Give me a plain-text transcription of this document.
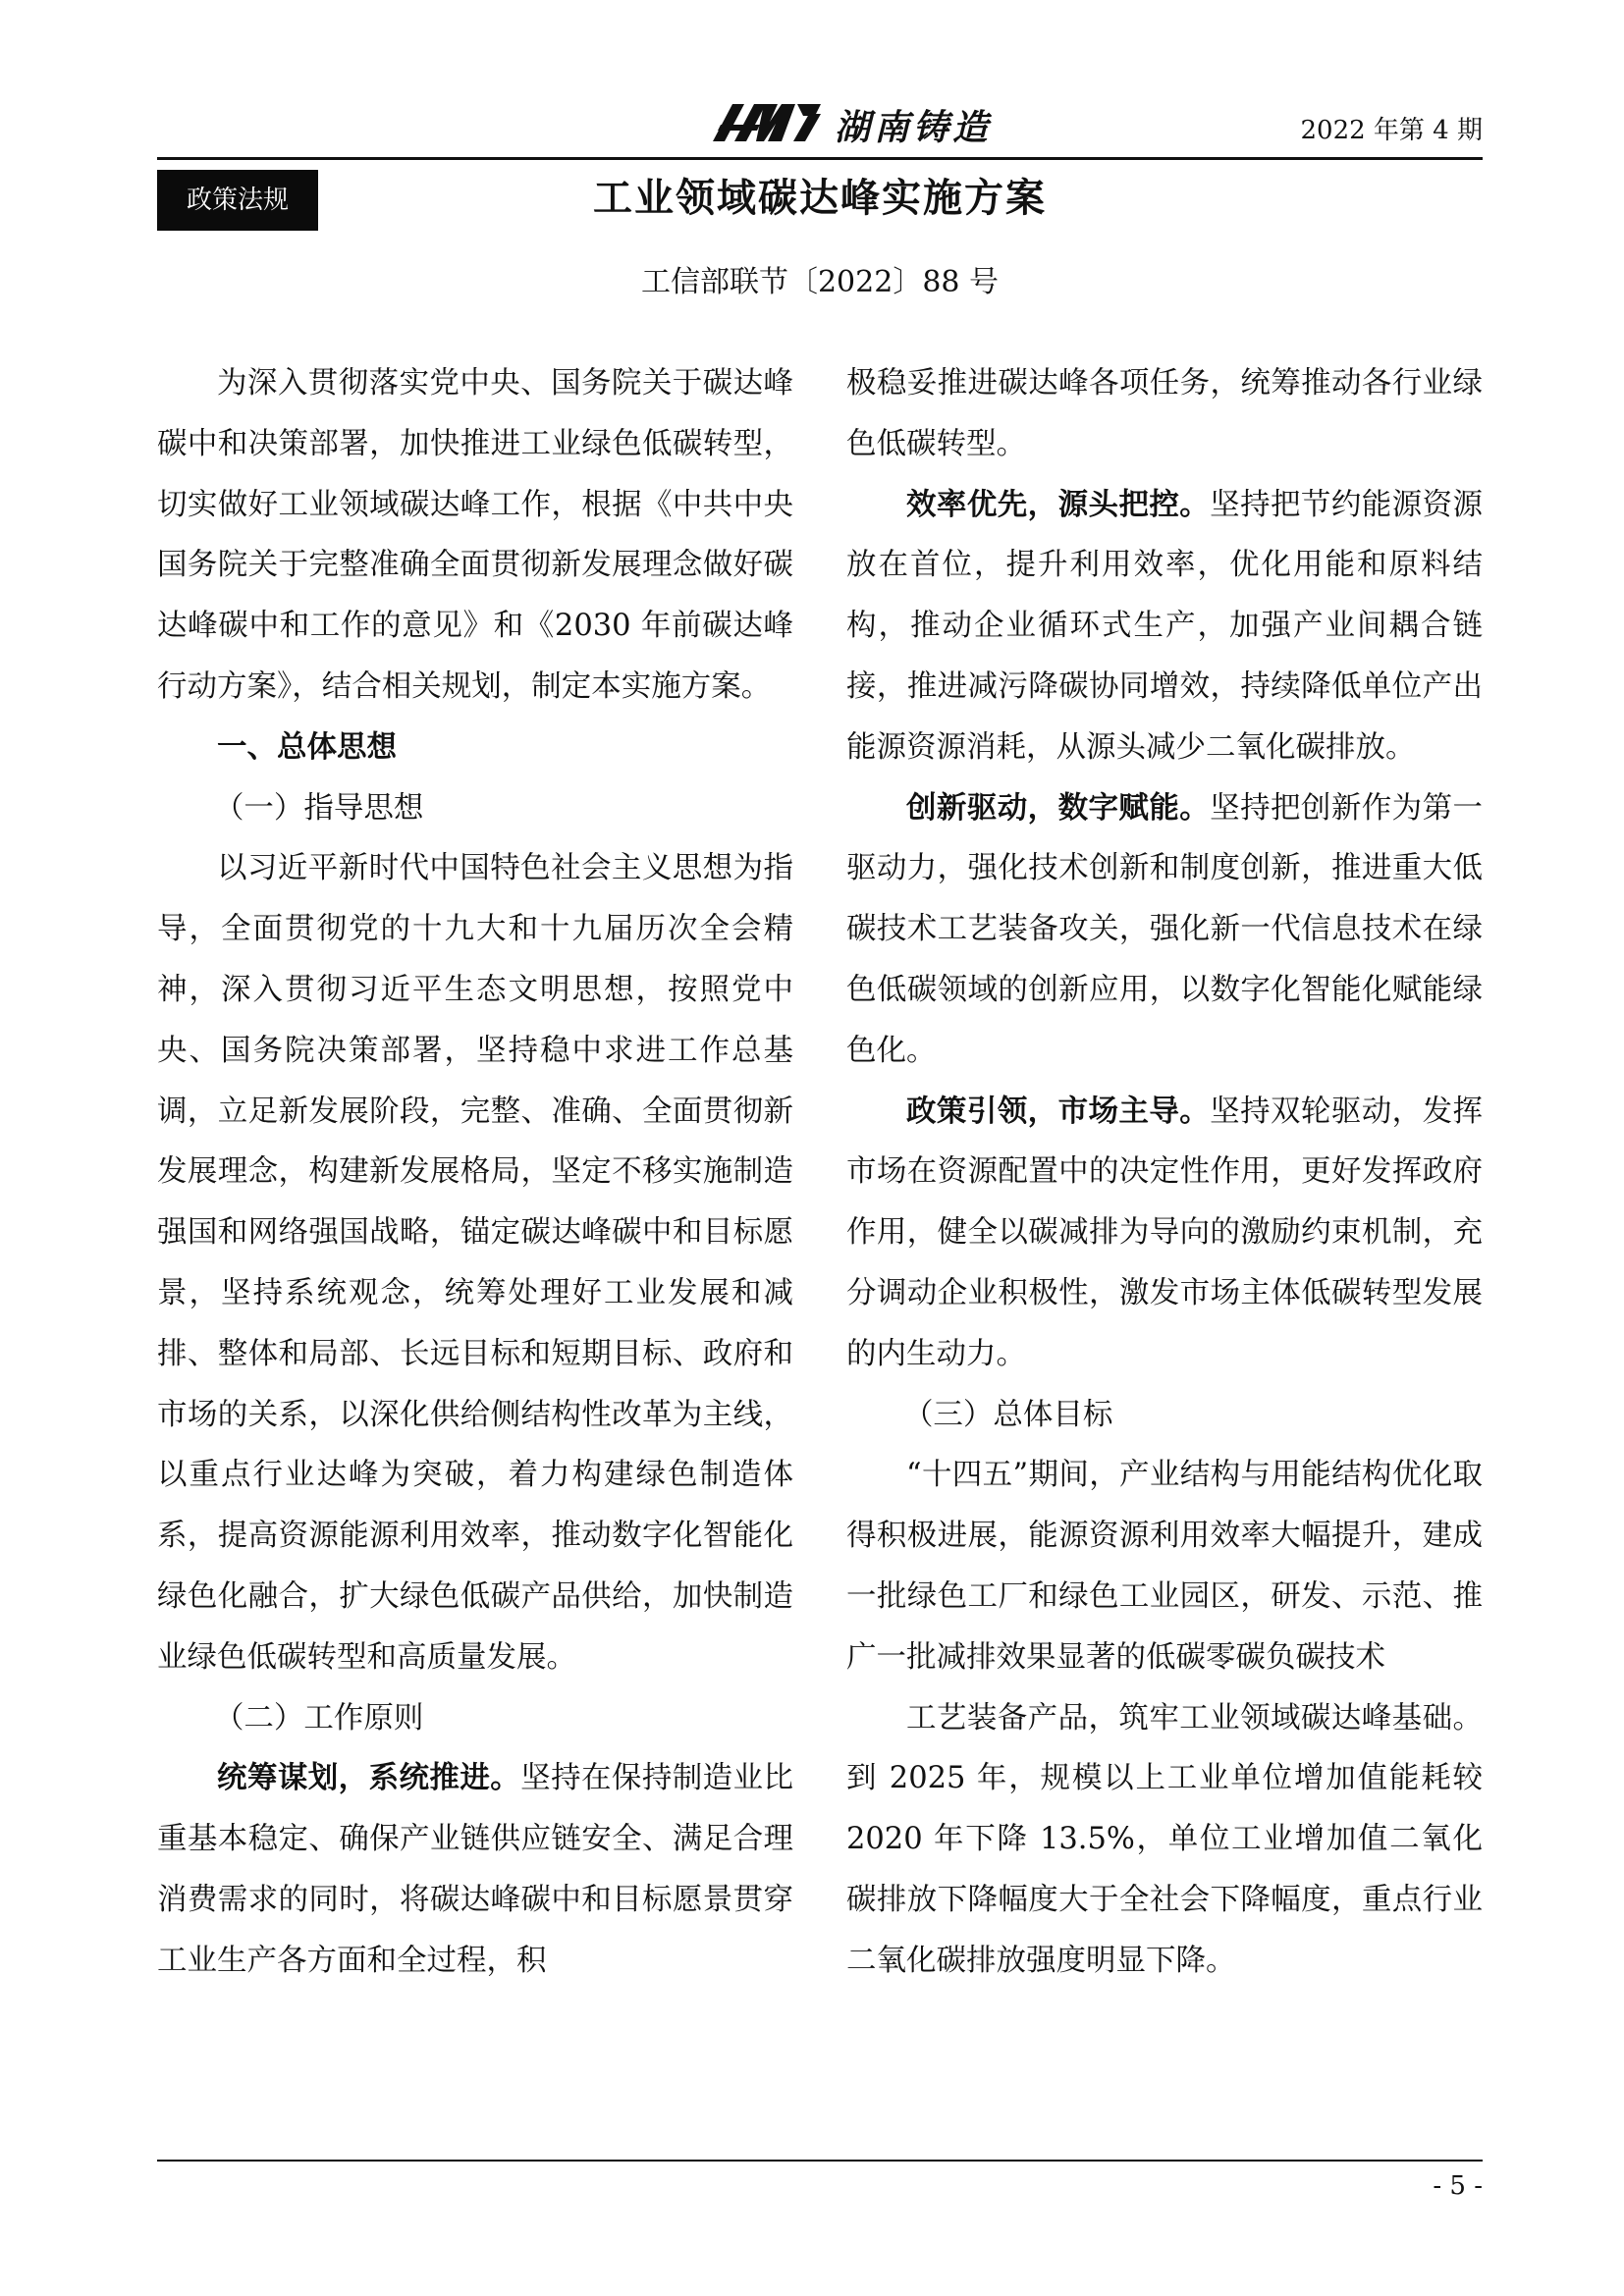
湖南铸造	2022 年第 4 期
政策法规	工业领域碳达峰实施方案
工信部联节〔2022〕88 号

为深入贯彻落实党中央、国务院关于碳达峰碳中和决策部署，加快推进工业绿色低碳转型，切实做好工业领域碳达峰工作，根据《中共中央国务院关于完整准确全面贯彻新发展理念做好碳达峰碳中和工作的意见》和《2030 年前碳达峰行动方案》，结合相关规划，制定本实施方案。

一、总体思想

（一）指导思想

以习近平新时代中国特色社会主义思想为指导，全面贯彻党的十九大和十九届历次全会精神，深入贯彻习近平生态文明思想，按照党中央、国务院决策部署，坚持稳中求进工作总基调，立足新发展阶段，完整、准确、全面贯彻新发展理念，构建新发展格局，坚定不移实施制造强国和网络强国战略，锚定碳达峰碳中和目标愿景，坚持系统观念，统筹处理好工业发展和减排、整体和局部、长远目标和短期目标、政府和市场的关系，以深化供给侧结构性改革为主线，以重点行业达峰为突破，着力构建绿色制造体系，提高资源能源利用效率，推动数字化智能化绿色化融合，扩大绿色低碳产品供给，加快制造业绿色低碳转型和高质量发展。

（二）工作原则

统筹谋划，系统推进。坚持在保持制造业比重基本稳定、确保产业链供应链安全、满足合理消费需求的同时，将碳达峰碳中和目标愿景贯穿工业生产各方面和全过程，积

极稳妥推进碳达峰各项任务，统筹推动各行业绿色低碳转型。

效率优先，源头把控。坚持把节约能源资源放在首位，提升利用效率，优化用能和原料结构，推动企业循环式生产，加强产业间耦合链接，推进减污降碳协同增效，持续降低单位产出能源资源消耗，从源头减少二氧化碳排放。

创新驱动，数字赋能。坚持把创新作为第一驱动力，强化技术创新和制度创新，推进重大低碳技术工艺装备攻关，强化新一代信息技术在绿色低碳领域的创新应用，以数字化智能化赋能绿色化。

政策引领，市场主导。坚持双轮驱动，发挥市场在资源配置中的决定性作用，更好发挥政府作用，健全以碳减排为导向的激励约束机制，充分调动企业积极性，激发市场主体低碳转型发展的内生动力。

（三）总体目标

“十四五”期间，产业结构与用能结构优化取得积极进展，能源资源利用效率大幅提升，建成一批绿色工厂和绿色工业园区，研发、示范、推广一批减排效果显著的低碳零碳负碳技术

工艺装备产品，筑牢工业领域碳达峰基础。到 2025 年，规模以上工业单位增加值能耗较 2020 年下降 13.5%，单位工业增加值二氧化碳排放下降幅度大于全社会下降幅度，重点行业二氧化碳排放强度明显下降。

- 5 -
